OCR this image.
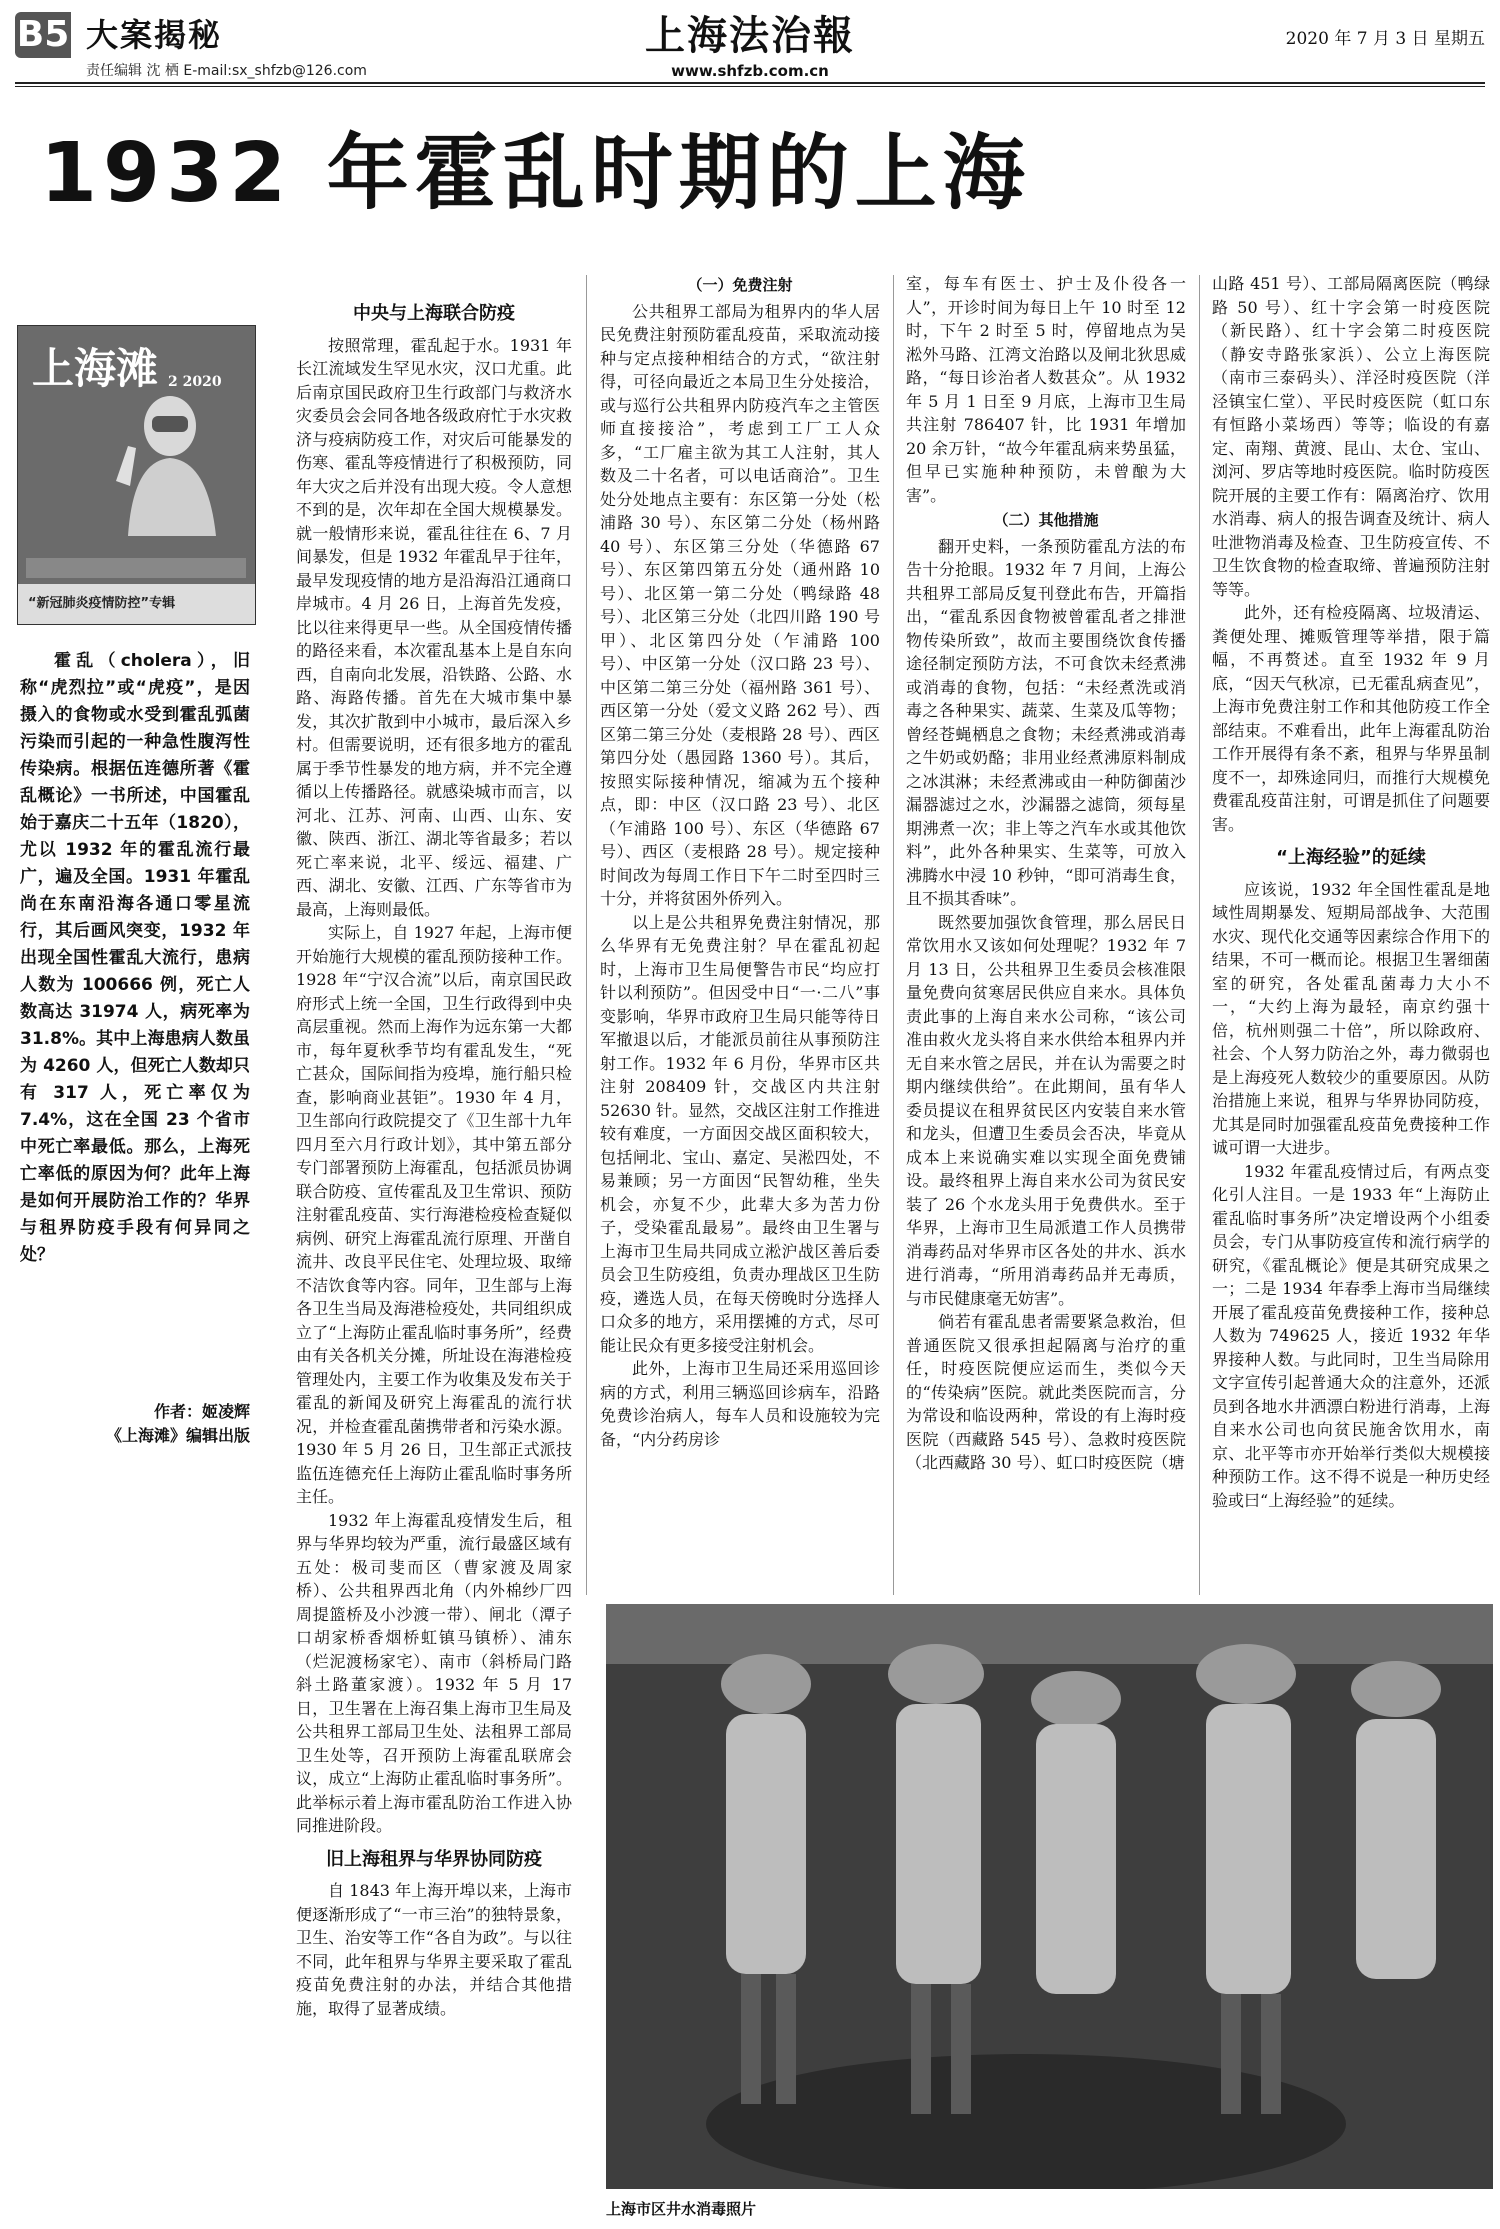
B5 大案揭秘
责任编辑 沈 栖 E-mail:sx_shfzb@126.com
上海法治報
www.shfzb.com.cn
2020 年 7 月 3 日 星期五
1932 年霍乱时期的上海
上海滩 2 2020
“新冠肺炎疫情防控”专辑

霍乱（cholera），旧称“虎烈拉”或“虎疫”，是因摄入的食物或水受到霍乱弧菌污染而引起的一种急性腹泻性传染病。根据伍连德所著《霍乱概论》一书所述，中国霍乱始于嘉庆二十五年（1820），尤以 1932 年的霍乱流行最广，遍及全国。1931 年霍乱尚在东南沿海各通口零星流行，其后画风突变，1932 年出现全国性霍乱大流行，患病人数为 100666 例，死亡人数高达 31974 人，病死率为 31.8%。其中上海患病人数虽为 4260 人，但死亡人数却只有 317 人，死亡率仅为 7.4%，这在全国 23 个省市中死亡率最低。那么，上海死亡率低的原因为何？此年上海是如何开展防治工作的？华界与租界防疫手段有何异同之处？

作者：姬凌辉
《上海滩》编辑出版

中央与上海联合防疫

按照常理，霍乱起于水。1931 年长江流域发生罕见水灾，汉口尤重。此后南京国民政府卫生行政部门与救济水灾委员会会同各地各级政府忙于水灾救济与疫病防疫工作，对灾后可能暴发的伤寒、霍乱等疫情进行了积极预防，同年大灾之后并没有出现大疫。令人意想不到的是，次年却在全国大规模暴发。就一般情形来说，霍乱往往在 6、7 月间暴发，但是 1932 年霍乱早于往年，最早发现疫情的地方是沿海沿江通商口岸城市。4 月 26 日，上海首先发疫，比以往来得更早一些。从全国疫情传播的路径来看，本次霍乱基本上是自东向西，自南向北发展，沿铁路、公路、水路、海路传播。首先在大城市集中暴发，其次扩散到中小城市，最后深入乡村。但需要说明，还有很多地方的霍乱属于季节性暴发的地方病，并不完全遵循以上传播路径。就感染城市而言，以河北、江苏、河南、山西、山东、安徽、陕西、浙江、湖北等省最多；若以死亡率来说，北平、绥远、福建、广西、湖北、安徽、江西、广东等省市为最高，上海则最低。

实际上，自 1927 年起，上海市便开始施行大规模的霍乱预防接种工作。1928 年“宁汉合流”以后，南京国民政府形式上统一全国，卫生行政得到中央高层重视。然而上海作为远东第一大都市，每年夏秋季节均有霍乱发生，“死亡甚众，国际间指为疫埠，施行船只检查，影响商业甚钜”。1930 年 4 月，卫生部向行政院提交了《卫生部十九年四月至六月行政计划》，其中第五部分专门部署预防上海霍乱，包括派员协调联合防疫、宣传霍乱及卫生常识、预防注射霍乱疫苗、实行海港检疫检查疑似病例、研究上海霍乱流行原理、开凿自流井、改良平民住宅、处理垃圾、取缔不洁饮食等内容。同年，卫生部与上海各卫生当局及海港检疫处，共同组织成立了“上海防止霍乱临时事务所”，经费由有关各机关分摊，所址设在海港检疫管理处内，主要工作为收集及发布关于霍乱的新闻及研究上海霍乱的流行状况，并检查霍乱菌携带者和污染水源。1930 年 5 月 26 日，卫生部正式派技监伍连德充任上海防止霍乱临时事务所主任。

1932 年上海霍乱疫情发生后，租界与华界均较为严重，流行最盛区域有五处：极司斐而区（曹家渡及周家桥）、公共租界西北角（内外棉纱厂四周提篮桥及小沙渡一带）、闸北（潭子口胡家桥香烟桥虹镇马镇桥）、浦东（烂泥渡杨家宅）、南市（斜桥局门路斜土路董家渡）。1932 年 5 月 17 日，卫生署在上海召集上海市卫生局及公共租界工部局卫生处、法租界工部局卫生处等，召开预防上海霍乱联席会议，成立“上海防止霍乱临时事务所”。此举标示着上海市霍乱防治工作进入协同推进阶段。

旧上海租界与华界协同防疫

自 1843 年上海开埠以来，上海市便逐渐形成了“一市三治”的独特景象，卫生、治安等工作“各自为政”。与以往不同，此年租界与华界主要采取了霍乱疫苗免费注射的办法，并结合其他措施，取得了显著成绩。

（一）免费注射

公共租界工部局为租界内的华人居民免费注射预防霍乱疫苗，采取流动接种与定点接种相结合的方式，“欲注射得，可径向最近之本局卫生分处接洽，或与巡行公共租界内防疫汽车之主管医师直接接洽”，考虑到工厂工人众多，“工厂雇主欲为其工人注射，其人数及二十名者，可以电话商洽”。卫生处分处地点主要有：东区第一分处（松浦路 30 号）、东区第二分处（杨州路 40 号）、东区第三分处（华德路 67 号）、东区第四第五分处（通州路 10 号）、北区第一第二分处（鸭绿路 48 号）、北区第三分处（北四川路 190 号甲）、北区第四分处（乍浦路 100 号）、中区第一分处（汉口路 23 号）、中区第二第三分处（福州路 361 号）、西区第一分处（爱文义路 262 号）、西区第二第三分处（麦根路 28 号）、西区第四分处（愚园路 1360 号）。其后，按照实际接种情况，缩减为五个接种点，即：中区（汉口路 23 号）、北区（乍浦路 100 号）、东区（华德路 67 号）、西区（麦根路 28 号）。规定接种时间改为每周工作日下午二时至四时三十分，并将贫困外侨列入。

以上是公共租界免费注射情况，那么华界有无免费注射？早在霍乱初起时，上海市卫生局便警告市民“均应打针以利预防”。但因受中日“一·二八”事变影响，华界市政府卫生局只能等待日军撤退以后，才能派员前往从事预防注射工作。1932 年 6 月份，华界市区共注射 208409 针，交战区内共注射 52630 针。显然，交战区注射工作推进较有难度，一方面因交战区面积较大，包括闸北、宝山、嘉定、吴淞四处，不易兼顾；另一方面因“民智幼稚，坐失机会，亦复不少，此辈大多为苦力份子，受染霍乱最易”。最终由卫生署与上海市卫生局共同成立淞沪战区善后委员会卫生防疫组，负责办理战区卫生防疫，遴选人员，在每天傍晚时分选择人口众多的地方，采用摆摊的方式，尽可能让民众有更多接受注射机会。

此外，上海市卫生局还采用巡回诊病的方式，利用三辆巡回诊病车，沿路免费诊治病人，每车人员和设施较为完备，“内分药房诊

室，每车有医士、护士及仆役各一人”，开诊时间为每日上午 10 时至 12 时，下午 2 时至 5 时，停留地点为吴淞外马路、江湾文治路以及闸北狄思威路，“每日诊治者人数甚众”。从 1932 年 5 月 1 日至 9 月底，上海市卫生局共注射 786407 针，比 1931 年增加 20 余万针，“故今年霍乱病来势虽猛，但早已实施种种预防，未曾酿为大害”。

（二）其他措施

翻开史料，一条预防霍乱方法的布告十分抢眼。1932 年 7 月间，上海公共租界工部局反复刊登此布告，开篇指出，“霍乱系因食物被曾霍乱者之排泄物传染所致”，故而主要围绕饮食传播途径制定预防方法，不可食饮未经煮沸或消毒的食物，包括：“未经煮洗或消毒之各种果实、蔬菜、生菜及瓜等物；曾经苍蝇栖息之食物；未经煮沸或消毒之牛奶或奶酪；非用业经煮沸原料制成之冰淇淋；未经煮沸或由一种防御菌沙漏器滤过之水，沙漏器之滤筒，须每星期沸煮一次；非上等之汽车水或其他饮料”，此外各种果实、生菜等，可放入沸腾水中浸 10 秒钟，“即可消毒生食，且不损其香味”。

既然要加强饮食管理，那么居民日常饮用水又该如何处理呢？1932 年 7 月 13 日，公共租界卫生委员会核准限量免费向贫寒居民供应自来水。具体负责此事的上海自来水公司称，“该公司准由救火龙头将自来水供给本租界内并无自来水管之居民，并在认为需要之时期内继续供给”。在此期间，虽有华人委员提议在租界贫民区内安装自来水管和龙头，但遭卫生委员会否决，毕竟从成本上来说确实难以实现全面免费铺设。最终租界上海自来水公司为贫民安装了 26 个水龙头用于免费供水。至于华界，上海市卫生局派遣工作人员携带消毒药品对华界市区各处的井水、浜水进行消毒，“所用消毒药品并无毒质，与市民健康毫无妨害”。

倘若有霍乱患者需要紧急救治，但普通医院又很承担起隔离与治疗的重任，时疫医院便应运而生，类似今天的“传染病”医院。就此类医院而言，分为常设和临设两种，常设的有上海时疫医院（西藏路 545 号）、急救时疫医院（北西藏路 30 号）、虹口时疫医院（塘

山路 451 号）、工部局隔离医院（鸭绿路 50 号）、红十字会第一时疫医院（新民路）、红十字会第二时疫医院（静安寺路张家浜）、公立上海医院（南市三泰码头）、洋泾时疫医院（洋泾镇宝仁堂）、平民时疫医院（虹口东有恒路小菜场西）等等；临设的有嘉定、南翔、黄渡、昆山、太仓、宝山、浏河、罗店等地时疫医院。临时防疫医院开展的主要工作有：隔离治疗、饮用水消毒、病人的报告调查及统计、病人吐泄物消毒及检查、卫生防疫宣传、不卫生饮食物的检查取缔、普遍预防注射等等。

此外，还有检疫隔离、垃圾清运、粪便处理、摊贩管理等举措，限于篇幅，不再赘述。直至 1932 年 9 月底，“因天气秋凉，已无霍乱病查见”，上海市免费注射工作和其他防疫工作全部结束。不难看出，此年上海霍乱防治工作开展得有条不紊，租界与华界虽制度不一，却殊途同归，而推行大规模免费霍乱疫苗注射，可谓是抓住了问题要害。

“上海经验”的延续

应该说，1932 年全国性霍乱是地域性周期暴发、短期局部战争、大范围水灾、现代化交通等因素综合作用下的结果，不可一概而论。根据卫生署细菌室的研究，各处霍乱菌毒力大小不一，“大约上海为最轻，南京约强十倍，杭州则强二十倍”，所以除政府、社会、个人努力防治之外，毒力微弱也是上海疫死人数较少的重要原因。从防治措施上来说，租界与华界协同防疫，尤其是同时加强霍乱疫苗免费接种工作诚可谓一大进步。

1932 年霍乱疫情过后，有两点变化引人注目。一是 1933 年“上海防止霍乱临时事务所”决定增设两个小组委员会，专门从事防疫宣传和流行病学的研究，《霍乱概论》便是其研究成果之一；二是 1934 年春季上海市当局继续开展了霍乱疫苗免费接种工作，接种总人数为 749625 人，接近 1932 年华界接种人数。与此同时，卫生当局除用文字宣传引起普通大众的注意外，还派员到各地水井洒漂白粉进行消毒，上海自来水公司也向贫民施舍饮用水，南京、北平等市亦开始举行类似大规模接种预防工作。这不得不说是一种历史经验或曰“上海经验”的延续。

上海市区井水消毒照片
